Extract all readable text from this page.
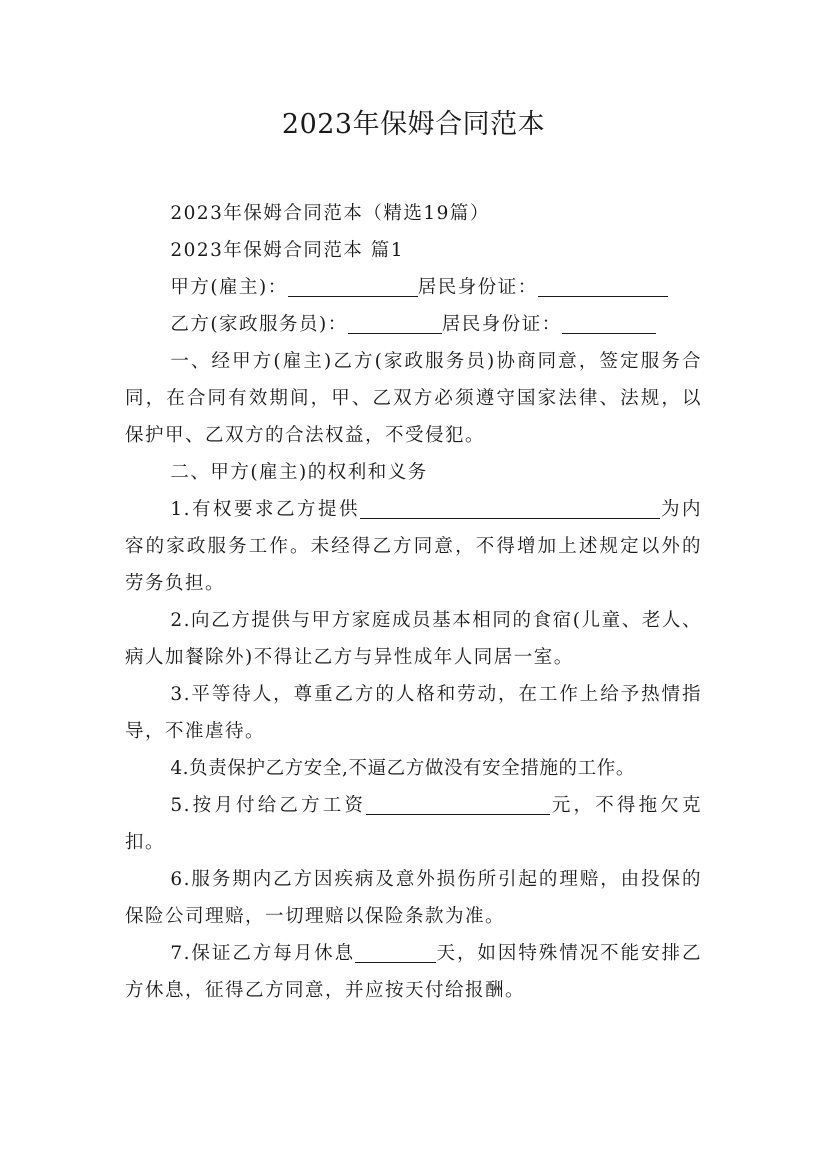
2023年保姆合同范本

2023年保姆合同范本（精选19篇）

2023年保姆合同范本 篇1

甲方(雇主)：	居民身份证：

乙方(家政服务员)：	居民身份证：

一、经甲方(雇主)乙方(家政服务员)协商同意，签定服务合同，在合同有效期间，甲、乙双方必须遵守国家法律、法规，以保护甲、乙双方的合法权益，不受侵犯。

二、甲方(雇主)的权利和义务

1.有权要求乙方提供	为内容的家政服务工作。未经得乙方同意，不得增加上述规定以外的劳务负担。

2.向乙方提供与甲方家庭成员基本相同的食宿(儿童、老人、病人加餐除外)不得让乙方与异性成年人同居一室。

3.平等待人，尊重乙方的人格和劳动，在工作上给予热情指导，不准虐待。

4.负责保护乙方安全,不逼乙方做没有安全措施的工作。

5.按月付给乙方工资	元，不得拖欠克扣。

6.服务期内乙方因疾病及意外损伤所引起的理赔，由投保的保险公司理赔，一切理赔以保险条款为准。

7.保证乙方每月休息	天，如因特殊情况不能安排乙方休息，征得乙方同意，并应按天付给报酬。
